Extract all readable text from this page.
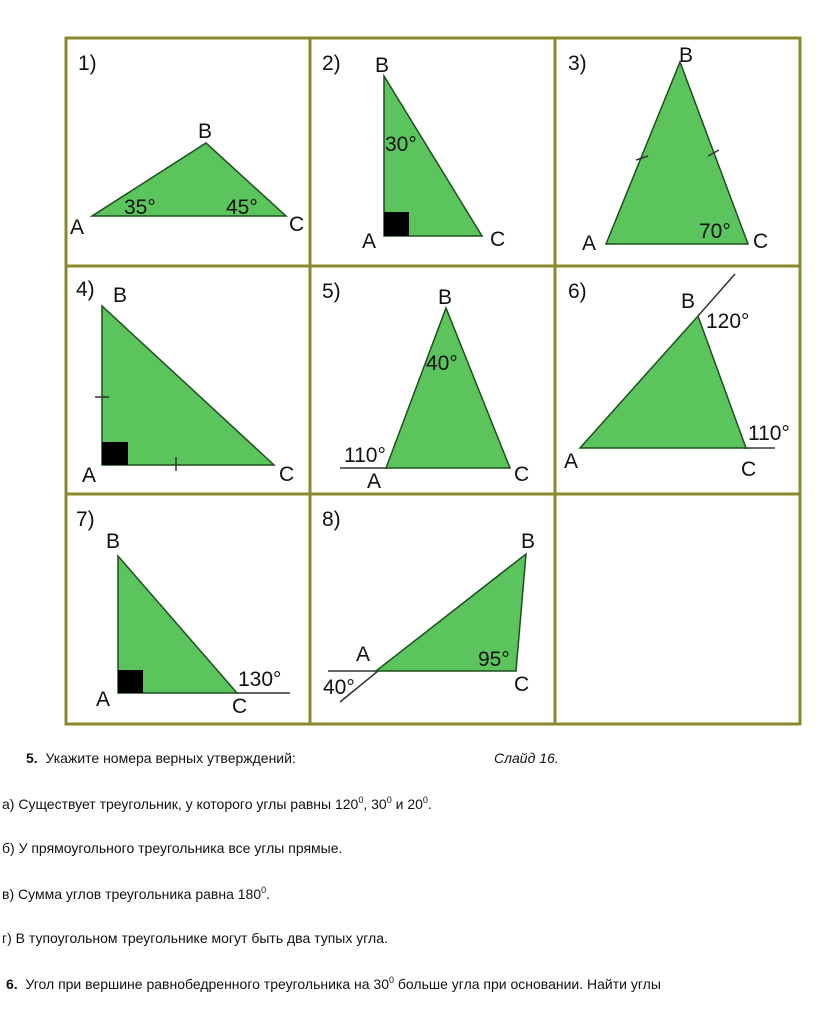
1)
B
A	C
35°	45°
2) B
A	C
30°
3)	B
A	C
70°
4) B
A	C
5)	B
A	C
40°
110°
6)	B
A	C
120°
110°
7)
B
A	C
130°
8)
B
A
C
95°
40°
5. Укажите номера верных утверждений:	Слайд 16.
а) Существует треугольник, у которого углы равны $120^0$, $30^0$ и $20^0$.
б) У прямоугольного треугольника все углы прямые.
в) Сумма углов треугольника равна $180^0$.
г) В тупоугольном треугольнике могут быть два тупых угла.
6. Угол при вершине равнобедренного треугольника на $30^0$ больше угла при основании. Найти углы
